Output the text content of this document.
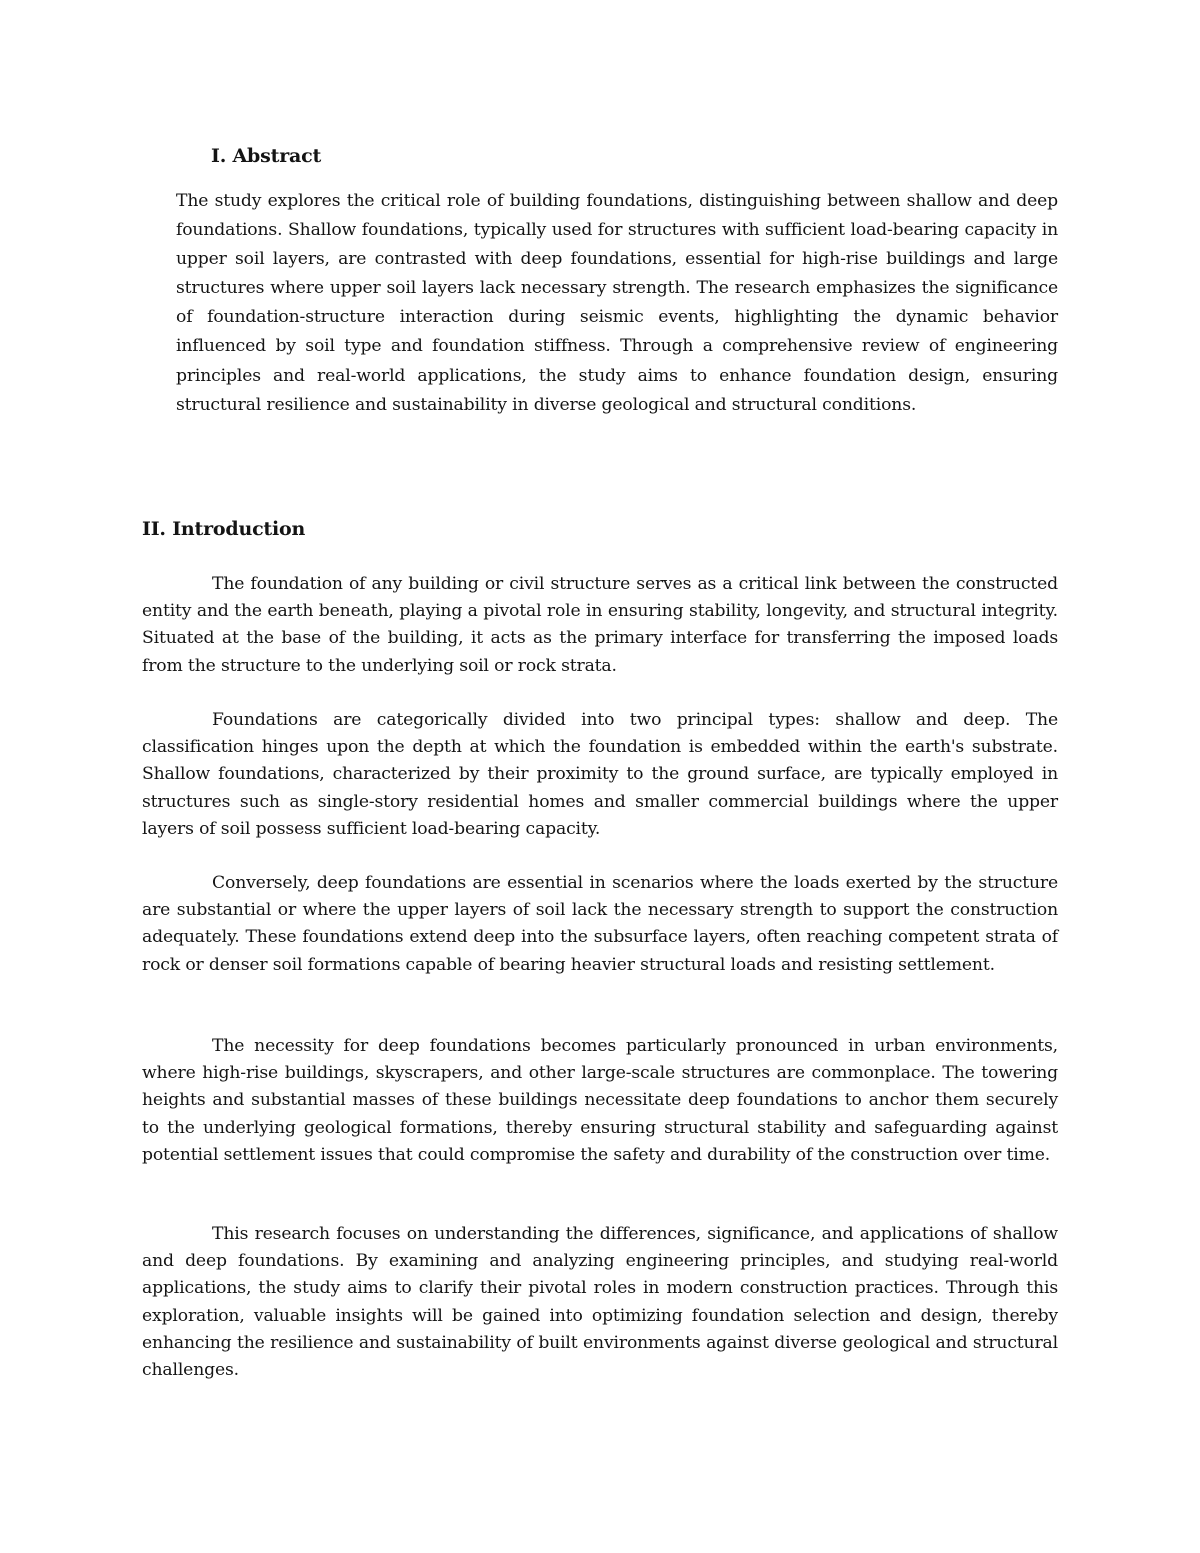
I. Abstract

The study explores the critical role of building foundations, distinguishing between shallow and deep foundations. Shallow foundations, typically used for structures with sufficient load-bearing capacity in upper soil layers, are contrasted with deep foundations, essential for high-rise buildings and large structures where upper soil layers lack necessary strength. The research emphasizes the significance of foundation-structure interaction during seismic events, highlighting the dynamic behavior influenced by soil type and foundation stiffness. Through a comprehensive review of engineering principles and real-world applications, the study aims to enhance foundation design, ensuring structural resilience and sustainability in diverse geological and structural conditions.

II. Introduction

The foundation of any building or civil structure serves as a critical link between the constructed entity and the earth beneath, playing a pivotal role in ensuring stability, longevity, and structural integrity. Situated at the base of the building, it acts as the primary interface for transferring the imposed loads from the structure to the underlying soil or rock strata.

Foundations are categorically divided into two principal types: shallow and deep. The classification hinges upon the depth at which the foundation is embedded within the earth's substrate. Shallow foundations, characterized by their proximity to the ground surface, are typically employed in structures such as single-story residential homes and smaller commercial buildings where the upper layers of soil possess sufficient load-bearing capacity.

Conversely, deep foundations are essential in scenarios where the loads exerted by the structure are substantial or where the upper layers of soil lack the necessary strength to support the construction adequately. These foundations extend deep into the subsurface layers, often reaching competent strata of rock or denser soil formations capable of bearing heavier structural loads and resisting settlement.

The necessity for deep foundations becomes particularly pronounced in urban environments, where high-rise buildings, skyscrapers, and other large-scale structures are commonplace. The towering heights and substantial masses of these buildings necessitate deep foundations to anchor them securely to the underlying geological formations, thereby ensuring structural stability and safeguarding against potential settlement issues that could compromise the safety and durability of the construction over time.

This research focuses on understanding the differences, significance, and applications of shallow and deep foundations. By examining and analyzing engineering principles, and studying real-world applications, the study aims to clarify their pivotal roles in modern construction practices. Through this exploration, valuable insights will be gained into optimizing foundation selection and design, thereby enhancing the resilience and sustainability of built environments against diverse geological and structural challenges.
